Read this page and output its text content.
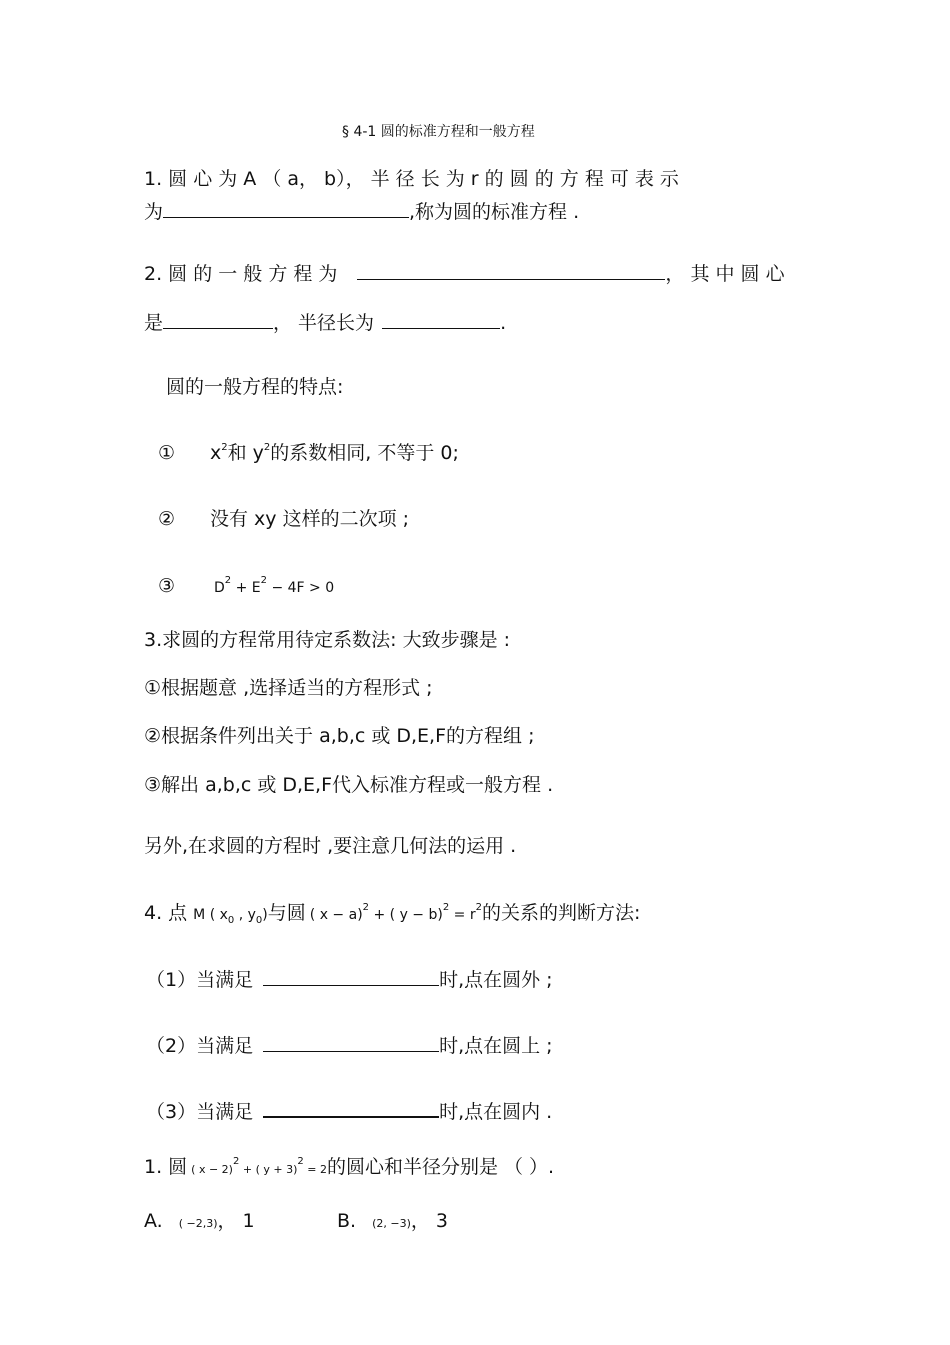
§ 4-1 圆的标准方程和一般方程
1. 圆 心 为 A （ a， b）， 半 径 长 为 r 的 圆 的 方 程 可 表 示
为	,称为圆的标准方程 .
2. 圆 的 一 般 方 程 为	， 其 中 圆 心
是	， 半径长为	.
圆的一般方程的特点:
① $x^2$和 $y^2$的系数相同, 不等于 0;
② 没有 xy 这样的二次项 ;
③	$D^2 + E^2 - 4F > 0$
3.求圆的方程常用待定系数法: 大致步骤是 :
①根据题意 ,选择适当的方程形式 ;
②根据条件列出关于 a,b,c 或 D,E,F的方程组 ;
③解出 a,b,c 或 D,E,F代入标准方程或一般方程 .
另外,在求圆的方程时 ,要注意几何法的运用 .
4. 点 M ( $x_0$ , $y_0$)与圆 ( x − a)$^2$ + ( $y - b)^2 = r^2$的关系的判断方法:
（1）当满足	时,点在圆外 ;
（2）当满足	时,点在圆上 ;
（3）当满足	时,点在圆内 .
1. 圆 ( x − 2)$^2$ + ( y + 3)$^2$ = 2的圆心和半径分别是 （ ）.
A. ( −2,3)， 1	B. (2, −3)， 3
